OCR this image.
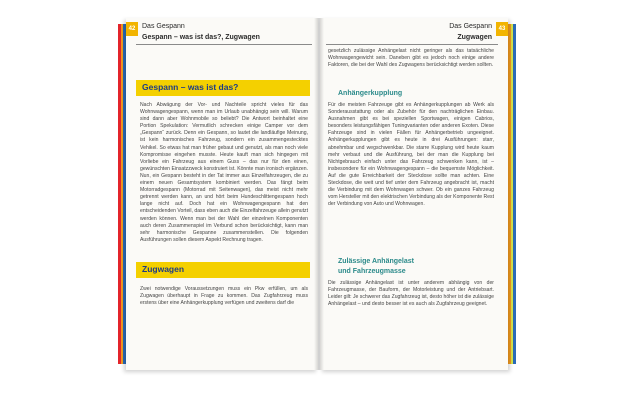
42 Das Gespann
Gespann – was ist das?, Zugwagen
Gespann – was ist das?
Nach Abwägung der Vor- und Nachteile spricht vieles für das Wohnwagengespann, wenn man im Urlaub unabhängig sein will. Warum sind dann aber Wohnmobile so beliebt? Die Antwort beinhaltet eine Portion Spekulation: Vermutlich schrecken einige Camper vor dem „Gespann“ zurück. Denn ein Gespann, so lautet die landläufige Meinung, ist kein harmonisches Fahrzeug, sondern ein zusammengestecktes Vehikel. So etwas hat man früher gebaut und genutzt, als man noch viele Kompromisse eingehen musste. Heute kauft man sich hingegen mit Vorliebe ein Fahrzeug aus einem Guss – das nur für den einen, gewünschten Einsatzzweck konstruiert ist. Könnte man ironisch ergänzen. Nun, ein Gespann besteht in der Tat immer aus Einzelfahrzeugen, die zu einem neuen Gesamtsystem kombiniert werden. Das fängt beim Motorradgespann (Motorrad mit Seitenwagen), das meist nicht mehr getrennt werden kann, an und hört beim Hundeschlittengespann hoch lange nicht auf. Doch hat ein Wohnwagengespann hat den entscheidenden Vorteil, dass eben auch die Einzelfahrzeuge allein genutzt werden können. Wenn man bei der Wahl der einzelnen Komponenten auch deren Zusammenspiel im Verbund schon berücksichtigt, kann man sehr harmonische Gespanne zusammenstellen. Die folgenden Ausführungen sollen diesem Aspekt Rechnung tragen.
Zugwagen
Zwei notwendige Voraussetzungen muss ein Pkw erfüllen, um als Zugwagen überhaupt in Frage zu kommen. Das Zugfahrzeug muss erstens über eine Anhängerkupplung verfügen und zweitens darf die
43
Das Gespann
Zugwagen
gesetzlich zulässige Anhängelast nicht geringer als das tatsächliche Wohnwagengewicht sein. Daneben gibt es jedoch noch einige andere Faktoren, die bei der Wahl des Zugwagens berücksichtigt werden sollten.
Anhängerkupplung
Für die meisten Fahrzeuge gibt es Anhängerkupplungen ab Werk als Sonderausstattung oder als Zubehör für den nachträglichen Einbau. Ausnahmen gibt es bei speziellen Sportwagen, einigen Cabrios, besonders leistungsfähigen Tuningvarianten oder anderen Exoten. Diese Fahrzeuge sind in vielen Fällen für Anhängerbetrieb ungeeignet. Anhängerkupplungen gibt es heute in drei Ausführungen: starr, abnehmbar und wegschwenkbar. Die starre Kupplung wird heute kaum mehr verbaut und die Ausführung, bei der man die Kupplung bei Nichtgebrauch einfach unter das Fahrzeug schwenken kann, ist – insbesondere für ein Wohnwagengespann – die bequemste Möglichkeit. Auf die gute Erreichbarkeit der Steckdose sollte man achten. Eine Steckdose, die weit und tief unter dem Fahrzeug angebracht ist, macht die Verbindung mit dem Wohnwagen schwer. Ob ein ganzes Fahrzeug vom Hersteller mit den elektrischen Verbindung als der Komponente Rest der Verbindung von Auto und Wohnwagen.
Zulässige Anhängelast
und Fahrzeugmasse
Die zulässige Anhängelast ist unter anderem abhängig von der Fahrzeugmasse, der Bauform, der Motorleistung und der Antriebsart. Leider gilt: Je schwerer das Zugfahrzeug ist, desto höher ist die zulässige Anhängelast – und desto besser ist es auch als Zugfahrzeug geeignet.
